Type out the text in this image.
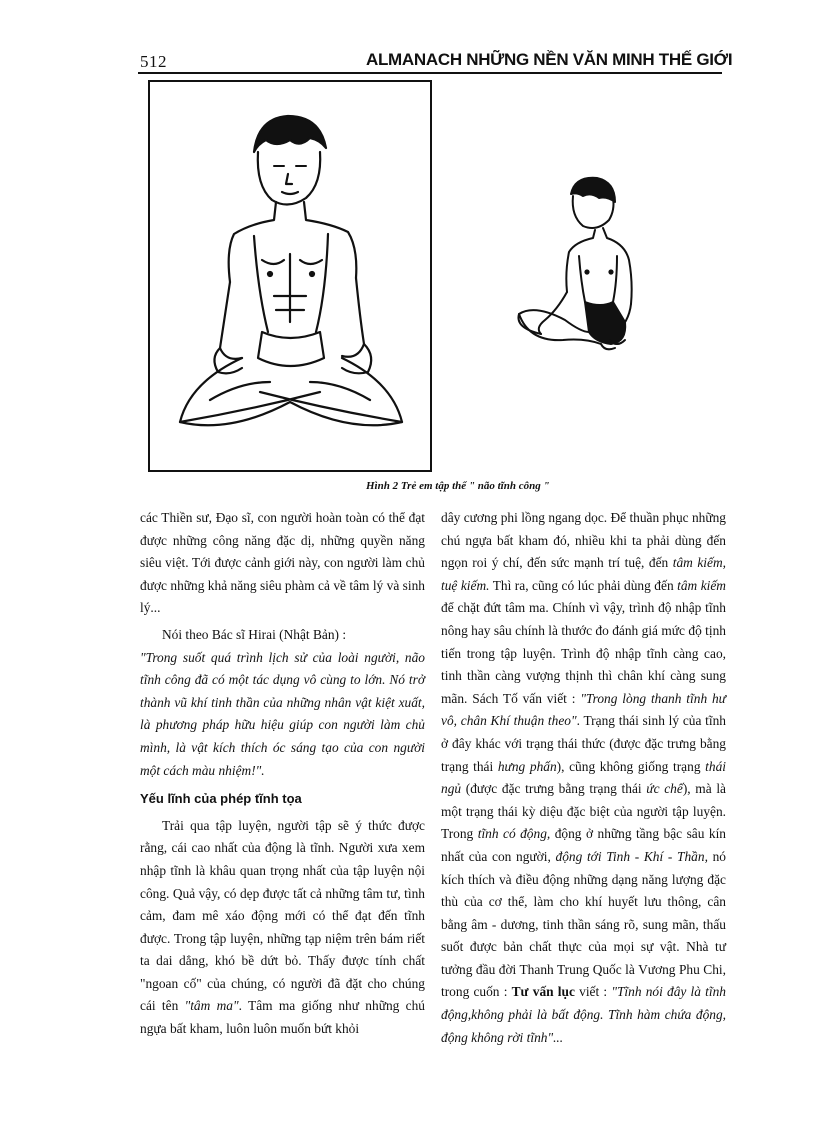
512	ALMANACH NHỮNG NỀN VĂN MINH THẾ GIỚI
Hình 2 Trẻ em tập thể " não tĩnh công "

các Thiền sư, Đạo sĩ, con người hoàn toàn có thể đạt được những công năng đặc dị, những quyền năng siêu việt. Tới được cảnh giới này, con người làm chủ được những khả năng siêu phàm cả về tâm lý và sinh lý...

Nói theo Bác sĩ Hirai (Nhật Bản) :

"Trong suốt quá trình lịch sử của loài người, não tĩnh công đã có một tác dụng vô cùng to lớn. Nó trở thành vũ khí tinh thần của những nhân vật kiệt xuất, là phương pháp hữu hiệu giúp con người làm chủ mình, là vật kích thích óc sáng tạo của con người một cách màu nhiệm!".

Yếu lĩnh của phép tĩnh tọa

Trải qua tập luyện, người tập sẽ ý thức được rằng, cái cao nhất của động là tĩnh. Người xưa xem nhập tĩnh là khâu quan trọng nhất của tập luyện nội công. Quả vậy, có dẹp được tất cả những tâm tư, tình cảm, đam mê xáo động mới có thể đạt đến tĩnh được. Trong tập luyện, những tạp niệm trên bám riết ta dai dẳng, khó bề dứt bỏ. Thấy được tính chất "ngoan cố" của chúng, có người đã đặt cho chúng cái tên "tâm ma". Tâm ma giống như những chú ngựa bất kham, luôn luôn muốn bứt khỏi

dây cương phi lồng ngang dọc. Để thuần phục những chú ngựa bất kham đó, nhiều khi ta phải dùng đến ngọn roi ý chí, đến sức mạnh trí tuệ, đến tâm kiếm, tuệ kiếm. Thì ra, cũng có lúc phải dùng đến tâm kiếm để chặt đứt tâm ma. Chính vì vậy, trình độ nhập tĩnh nông hay sâu chính là thước đo đánh giá mức độ tịnh tiến trong tập luyện. Trình độ nhập tĩnh càng cao, tinh thần càng vượng thịnh thì chân khí càng sung mãn. Sách Tố vấn viết : "Trong lòng thanh tĩnh hư vô, chân Khí thuận theo". Trạng thái sinh lý của tĩnh ở đây khác với trạng thái thức (được đặc trưng bằng trạng thái hưng phấn), cũng không giống trạng thái ngủ (được đặc trưng bằng trạng thái ức chế), mà là một trạng thái kỳ diệu đặc biệt của người tập luyện. Trong tĩnh có động, động ở những tầng bậc sâu kín nhất của con người, động tới Tinh - Khí - Thần, nó kích thích và điều động những dạng năng lượng đặc thù của cơ thể, làm cho khí huyết lưu thông, cân bằng âm - dương, tinh thần sáng rõ, sung mãn, thấu suốt được bản chất thực của mọi sự vật. Nhà tư tưởng đầu đời Thanh Trung Quốc là Vương Phu Chi, trong cuốn : Tư vấn lục viết : "Tĩnh nói đây là tĩnh động,không phải là bất động. Tĩnh hàm chứa động, động không rời tĩnh"...
